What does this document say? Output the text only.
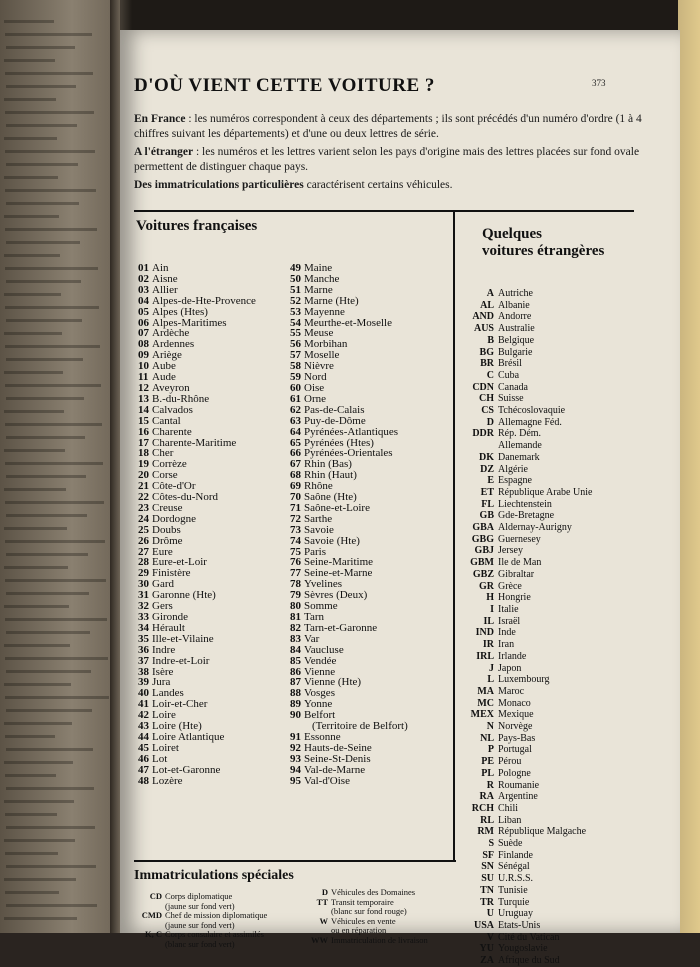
D'OÙ VIENT CETTE VOITURE ?	373

En France : les numéros correspondent à ceux des départements ; ils sont précédés d'un numéro d'ordre (1 à 4 chiffres suivant les départements) et d'une ou deux lettres de série.

A l'étranger : les numéros et les lettres varient selon les pays d'origine mais des lettres placées sur fond ovale permettent de distinguer chaque pays.

Des immatriculations particulières caractérisent certains véhicules.

Voitures françaises
01 Ain
02 Aisne
03 Allier
04 Alpes-de-Hte-Provence
05 Alpes (Htes)
06 Alpes-Maritimes
07 Ardèche
08 Ardennes
09 Ariège
10 Aube
11 Aude
12 Aveyron
13 B.-du-Rhône
14 Calvados
15 Cantal
16 Charente
17 Charente-Maritime
18 Cher
19 Corrèze
20 Corse
21 Côte-d'Or
22 Côtes-du-Nord
23 Creuse
24 Dordogne
25 Doubs
26 Drôme
27 Eure
28 Eure-et-Loir
29 Finistère
30 Gard
31 Garonne (Hte)
32 Gers
33 Gironde
34 Hérault
35 Ille-et-Vilaine
36 Indre
37 Indre-et-Loir
38 Isère
39 Jura
40 Landes
41 Loir-et-Cher
42 Loire
43 Loire (Hte)
44 Loire Atlantique
45 Loiret
46 Lot
47 Lot-et-Garonne
48 Lozère
49 Maine
50 Manche
51 Marne
52 Marne (Hte)
53 Mayenne
54 Meurthe-et-Moselle
55 Meuse
56 Morbihan
57 Moselle
58 Nièvre
59 Nord
60 Oise
61 Orne
62 Pas-de-Calais
63 Puy-de-Dôme
64 Pyrénées-Atlantiques
65 Pyrénées (Htes)
66 Pyrénées-Orientales
67 Rhin (Bas)
68 Rhin (Haut)
69 Rhône
70 Saône (Hte)
71 Saône-et-Loire
72 Sarthe
73 Savoie
74 Savoie (Hte)
75 Paris
76 Seine-Maritime
77 Seine-et-Marne
78 Yvelines
79 Sèvres (Deux)
80 Somme
81 Tarn
82 Tarn-et-Garonne
83 Var
84 Vaucluse
85 Vendée
86 Vienne
87 Vienne (Hte)
88 Vosges
89 Yonne
90 Belfort
(Territoire de Belfort)
91 Essonne
92 Hauts-de-Seine
93 Seine-St-Denis
94 Val-de-Marne
95 Val-d'Oise
Quelques
voitures étrangères
A Autriche
AL Albanie
AND Andorre
AUS Australie
B Belgique
BG Bulgarie
BR Brésil
C Cuba
CDN Canada
CH Suisse
CS Tchécoslovaquie
D Allemagne Féd.
DDR Rép. Dém.
Allemande
DK Danemark
DZ Algérie
E Espagne
ET République Arabe Unie
FL Liechtenstein
GB Gde-Bretagne
GBA Aldernay-Aurigny
GBG Guernesey
GBJ Jersey
GBM Ile de Man
GBZ Gibraltar
GR Grèce
H Hongrie
I Italie
IL Israël
IND Inde
IR Iran
IRL Irlande
J Japon
L Luxembourg
MA Maroc
MC Monaco
MEX Mexique
N Norvège
NL Pays-Bas
P Portugal
PE Pérou
PL Pologne
R Roumanie
RA Argentine
RCH Chili
RL Liban
RM République Malgache
S Suède
SF Finlande
SN Sénégal
SU U.R.S.S.
TN Tunisie
TR Turquie
U Uruguay
USA Etats-Unis
V Cité du Vatican
YU Yougoslavie
ZA Afrique du Sud
Immatriculations spéciales
CD Corps diplomatique
(jaune sur fond vert)
CMD Chef de mission diplomatique
(jaune sur fond vert)
K, C Corps consulaire et assimilés
(blanc sur fond vert)
D Véhicules des Domaines
TT Transit temporaire
(blanc sur fond rouge)
W Véhicules en vente
ou en réparation
WW Immatriculation de livraison
